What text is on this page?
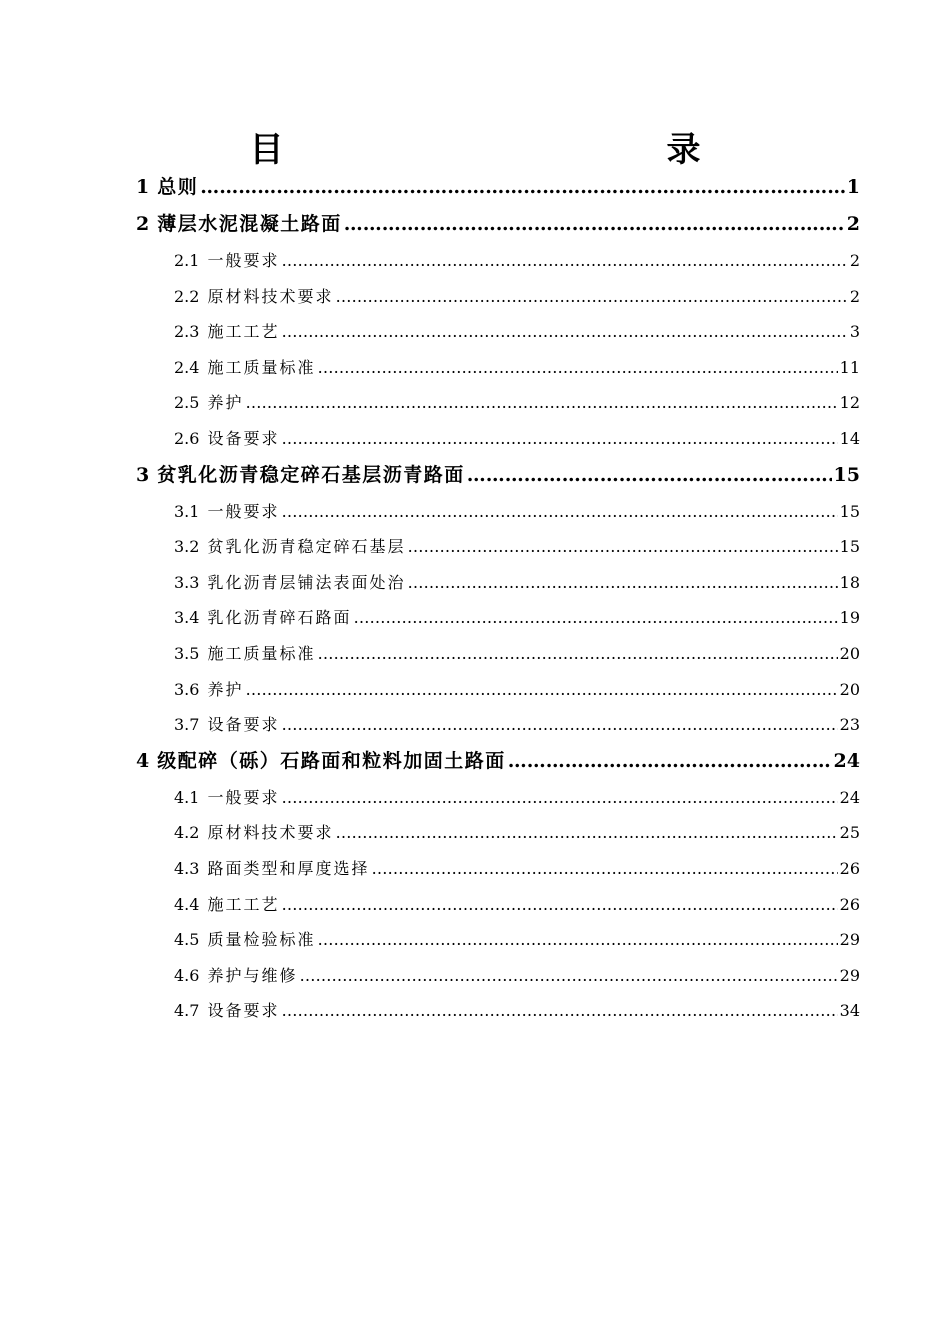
目　　录
1 总则 ………………………………………………………………………………………………………………………………………………	1
2 薄层水泥混凝土路面 ………………………………………………………………………………………………………………………………………………	2
2.1 一般要求 ………………………………………………………………………………………………………………………………………………	2
2.2 原材料技术要求 ………………………………………………………………………………………………………………………………………………	2
2.3 施工工艺 ………………………………………………………………………………………………………………………………………………	3
2.4 施工质量标准 ………………………………………………………………………………………………………………………………………………	11
2.5 养护 ………………………………………………………………………………………………………………………………………………	12
2.6 设备要求 ………………………………………………………………………………………………………………………………………………	14
3 贫乳化沥青稳定碎石基层沥青路面 ………………………………………………………………………………………………………………………………………………	15
3.1 一般要求 ………………………………………………………………………………………………………………………………………………	15
3.2 贫乳化沥青稳定碎石基层 ………………………………………………………………………………………………………………………………………………	15
3.3 乳化沥青层铺法表面处治 ………………………………………………………………………………………………………………………………………………	18
3.4 乳化沥青碎石路面 ………………………………………………………………………………………………………………………………………………	19
3.5 施工质量标准 ………………………………………………………………………………………………………………………………………………	20
3.6 养护 ………………………………………………………………………………………………………………………………………………	20
3.7 设备要求 ………………………………………………………………………………………………………………………………………………	23
4 级配碎（砾）石路面和粒料加固土路面 ………………………………………………………………………………………………………………………………………………	24
4.1 一般要求 ………………………………………………………………………………………………………………………………………………	24
4.2 原材料技术要求 ………………………………………………………………………………………………………………………………………………	25
4.3 路面类型和厚度选择 ………………………………………………………………………………………………………………………………………………	26
4.4 施工工艺 ………………………………………………………………………………………………………………………………………………	26
4.5 质量检验标准 ………………………………………………………………………………………………………………………………………………	29
4.6 养护与维修 ………………………………………………………………………………………………………………………………………………	29
4.7 设备要求 ………………………………………………………………………………………………………………………………………………	34
